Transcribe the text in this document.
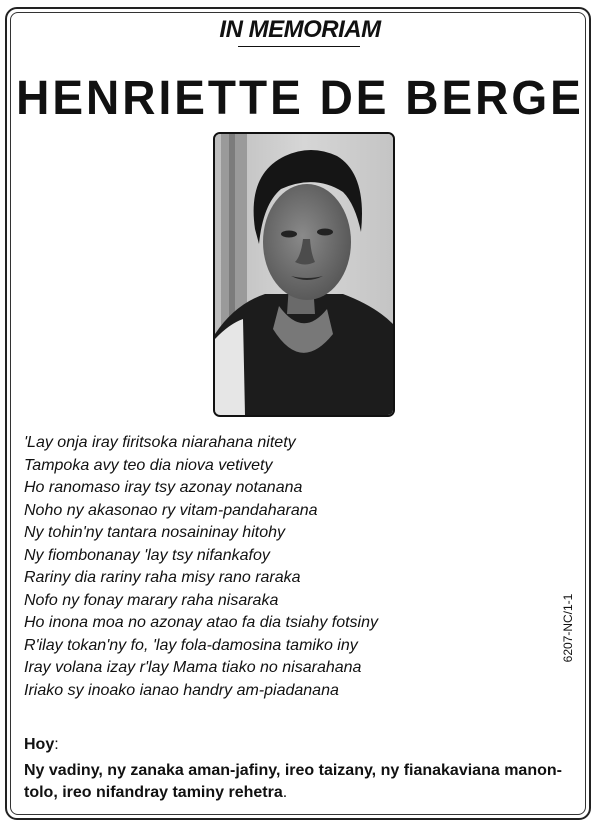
IN MEMORIAM
HENRIETTE DE BERGE
'Lay onja iray firitsoka niarahana nitety
Tampoka avy teo dia niova vetivety
Ho ranomaso iray tsy azonay notanana
Noho ny akasonao ry vitam-pandaharana
Ny tohin'ny tantara nosaininay hitohy
Ny fiombonanay 'lay tsy nifankafoy
Rariny dia rariny raha misy rano raraka
Nofo ny fonay marary raha nisaraka
Ho inona moa no azonay atao fa dia tsiahy fotsiny
R'ilay tokan'ny fo, 'lay fola-damosina tamiko iny
Iray volana izay r'lay Mama tiako no nisarahana
Iriako sy inoako ianao handry am-piadanana
6207-NC/1-1
Hoy:
Ny vadiny, ny zanaka aman-jafiny, ireo taizany, ny fianakaviana manon-
tolo, ireo nifandray taminy rehetra.
